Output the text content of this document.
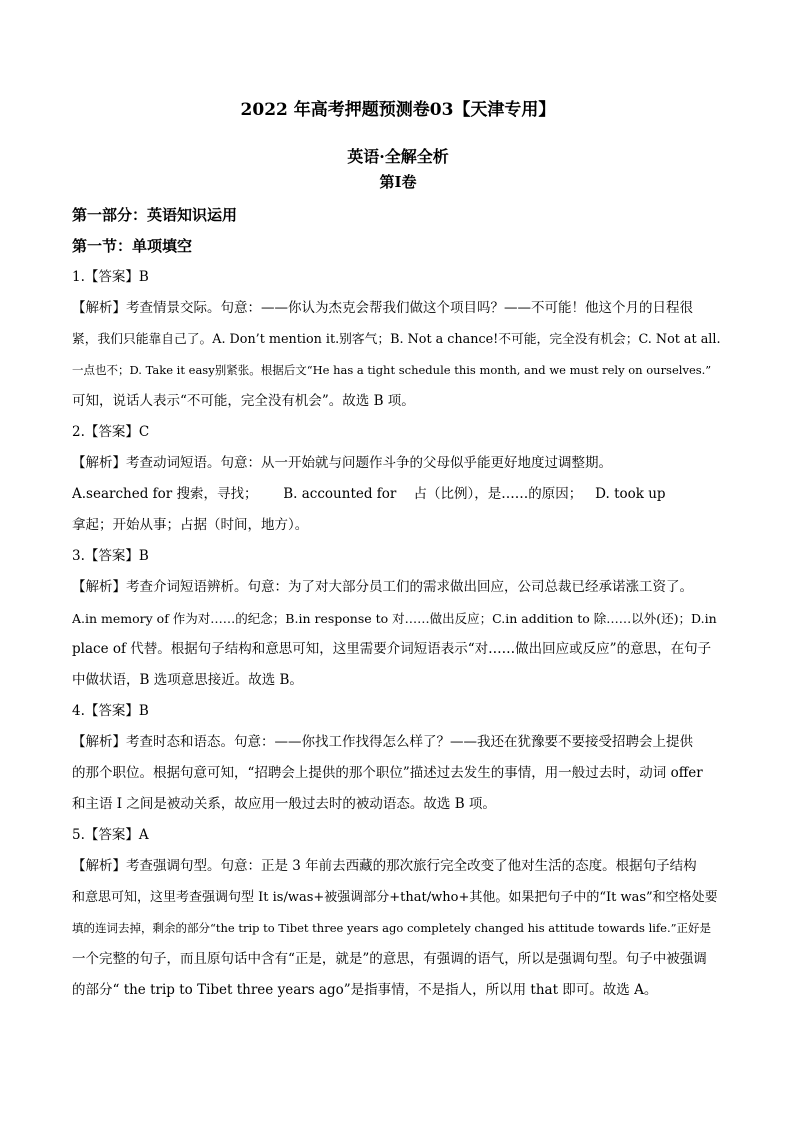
2022 年高考押题预测卷03【天津专用】
英语·全解全析
第I卷
第一部分：英语知识运用
第一节：单项填空
1.【答案】B
【解析】考查情景交际。句意：——你认为杰克会帮我们做这个项目吗？——不可能！他这个月的日程很
紧，我们只能靠自己了。A. Don’t mention it.别客气；B. Not a chance!不可能，完全没有机会；C. Not at all.
一点也不；D. Take it easy别紧张。根据后文“He has a tight schedule this month, and we must rely on ourselves.”
可知，说话人表示“不可能，完全没有机会”。故选 B 项。
2.【答案】C
【解析】考查动词短语。句意：从一开始就与问题作斗争的父母似乎能更好地度过调整期。
A.searched for 搜索，寻找；      B. accounted for    占（比例），是……的原因；   D. took up
拿起；开始从事；占据（时间，地方）。
3.【答案】B
【解析】考查介词短语辨析。句意：为了对大部分员工们的需求做出回应，公司总裁已经承诺涨工资了。
A.in memory of 作为对……的纪念；B.in response to 对……做出反应；C.in addition to 除……以外(还)；D.in
place of 代替。根据句子结构和意思可知，这里需要介词短语表示“对……做出回应或反应”的意思，在句子
中做状语，B 选项意思接近。故选 B。
4.【答案】B
【解析】考查时态和语态。句意：——你找工作找得怎么样了？——我还在犹豫要不要接受招聘会上提供
的那个职位。根据句意可知，“招聘会上提供的那个职位”描述过去发生的事情，用一般过去时，动词 offer
和主语 I 之间是被动关系，故应用一般过去时的被动语态。故选 B 项。
5.【答案】A
【解析】考查强调句型。句意：正是 3 年前去西藏的那次旅行完全改变了他对生活的态度。根据句子结构
和意思可知，这里考查强调句型 It is/was+被强调部分+that/who+其他。如果把句子中的“It was”和空格处要
填的连词去掉，剩余的部分“the trip to Tibet three years ago completely changed his attitude towards life.”正好是
一个完整的句子，而且原句话中含有“正是，就是”的意思，有强调的语气，所以是强调句型。句子中被强调
的部分“ the trip to Tibet three years ago”是指事情，不是指人，所以用 that 即可。故选 A。
